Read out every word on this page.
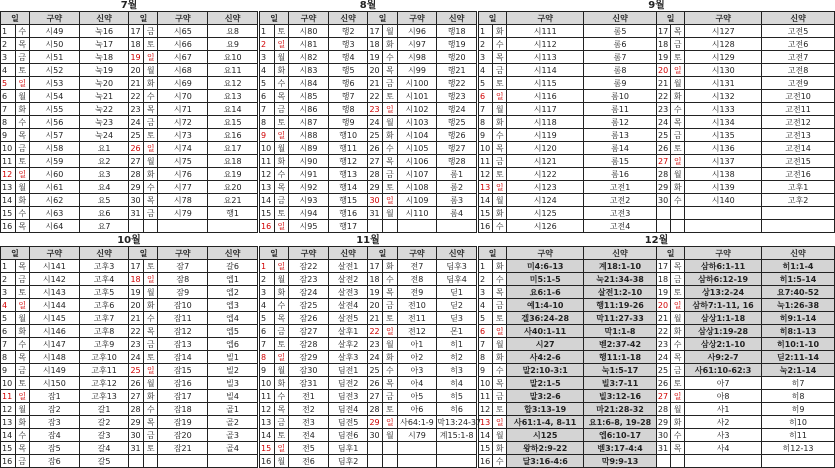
7월							
일		구약	신약	일		구약	신약
1	수	시49	눅16	17	금	시65	요8
2	목	시50	눅17	18	토	시66	요9
3	금	시51	눅18	19	일	시67	요10
4	토	시52	눅19	20	월	시68	요11
5	일	시53	눅20	21	화	시69	요12
6	월	시54	눅21	22	수	시70	요13
7	화	시55	눅22	23	목	시71	요14
8	수	시56	눅23	24	금	시72	요15
9	목	시57	눅24	25	토	시73	요16
10	금	시58	요1	26	일	시74	요17
11	토	시59	요2	27	월	시75	요18
12	일	시60	요3	28	화	시76	요19
13	월	시61	요4	29	수	시77	요20
14	화	시62	요5	30	목	시78	요21
15	수	시63	요6	31	금	시79	행1
16	목	시64	요7				
8월							
일		구약	신약	일		구약	신약
1	토	시80	행2	17	월	시96	행18
2	일	시81	행3	18	화	시97	행19
3	월	시82	행4	19	수	시98	행20
4	화	시83	행5	20	목	시99	행21
5	수	시84	행6	21	금	시100	행22
6	목	시85	행7	22	토	시101	행23
7	금	시86	행8	23	일	시102	행24
8	토	시87	행9	24	월	시103	행25
9	일	시88	행10	25	화	시104	행26
10	월	시89	행11	26	수	시105	행27
11	화	시90	행12	27	목	시106	행28
12	수	시91	행13	28	금	시107	롬1
13	목	시92	행14	29	토	시108	롬2
14	금	시93	행15	30	일	시109	롬3
15	토	시94	행16	31	월	시110	롬4
16	일	시95	행17				
9월							
일		구약	신약	일		구약	신약
1	화	시111	롬5	17	목	시127	고전5
2	수	시112	롬6	18	금	시128	고전6
3	목	시113	롬7	19	토	시129	고전7
4	금	시114	롬8	20	일	시130	고전8
5	토	시115	롬9	21	월	시131	고전9
6	일	시116	롬10	22	화	시132	고전10
7	월	시117	롬11	23	수	시133	고전11
8	화	시118	롬12	24	목	시134	고전12
9	수	시119	롬13	25	금	시135	고전13
10	목	시120	롬14	26	토	시136	고전14
11	금	시121	롬15	27	일	시137	고전15
12	토	시122	롬16	28	월	시138	고전16
13	일	시123	고전1	29	화	시139	고후1
14	월	시124	고전2	30	수	시140	고후2
15	화	시125	고전3				
16	수	시126	고전4				
10월							
일		구약	신약	일		구약	신약
1	목	시141	고후3	17	토	잠7	갈6
2	금	시142	고후4	18	일	잠8	엡1
3	토	시143	고후5	19	월	잠9	엡2
4	일	시144	고후6	20	화	잠10	엡3
5	월	시145	고후7	21	수	잠11	엡4
6	화	시146	고후8	22	목	잠12	엡5
7	수	시147	고후9	23	금	잠13	엡6
8	목	시148	고후10	24	토	잠14	빌1
9	금	시149	고후11	25	일	잠15	빌2
10	토	시150	고후12	26	월	잠16	빌3
11	일	잠1	고후13	27	화	잠17	빌4
12	월	잠2	갈1	28	수	잠18	골1
13	화	잠3	갈2	29	목	잠19	골2
14	수	잠4	갈3	30	금	잠20	골3
15	목	잠5	갈4	31	토	잠21	골4
16	금	잠6	갈5				
11월							
일		구약	신약	일		구약	신약
1	일	잠22	살전1	17	화	전7	딤후3
2	월	잠23	살전2	18	수	전8	딤후4
3	화	잠24	살전3	19	목	전9	딛1
4	수	잠25	살전4	20	금	전10	딛2
5	목	잠26	살전5	21	토	전11	딛3
6	금	잠27	살후1	22	일	전12	몬1
7	토	잠28	살후2	23	월	아1	히1
8	일	잠29	살후3	24	화	아2	히2
9	월	잠30	딤전1	25	수	아3	히3
10	화	잠31	딤전2	26	목	아4	히4
11	수	전1	딤전3	27	금	아5	히5
12	목	전2	딤전4	28	토	아6	히6
13	금	전3	딤전5	29	일	사64:1-9	막13:24-37
14	토	전4	딤전6	30	월	시79	계15:1-8
15	일	전5	딤후1				
16	월	전6	딤후2				
12월							
일		구약	신약	일		구약	신약
1	화	미4:6-13	계18:1-10	17	목	삼하6:1-11	히1:1-4
2	수	미5:1-5	눅21:34-38	18	금	삼하6:12-19	히1:5-14
3	목	요6:1-6	살전1:2-10	19	토	상13:2-24	요7:40-52
4	금	예1:4-10	행11:19-26	20	일	삼하7:1-11, 16	눅1:26-38
5	토	겔36:24-28	막11:27-33	21	월	삼상1:1-18	히9:1-14
6	일	사40:1-11	막1:1-8	22	화	삼상1:19-28	히8:1-13
7	월	시27	벧2:37-42	23	수	삼상2:1-10	히10:1-10
8	화	사4:2-6	행11:1-18	24	목	사9:2-7	딛2:11-14
9	수	말2:10-3:1	눅1:5-17	25	금	사61:10-62:3	눅2:1-14
10	목	말2:1-5	빌3:7-11	26	토	아7	히7
11	금	말3:2-6	빌3:12-16	27	일	아8	히8
12	토	합3:13-19	마21:28-32	28	월	사1	히9
13	일	사61:1-4, 8-11	요1:6-8, 19-28	29	화	사2	히10
14	월	시125	엡6:10-17	30	수	사3	히11
15	화	왕하2:9-22	벧3:17-4:4	31	목	사4	히12-13
16	수	달3:16-4:6	막9:9-13				
